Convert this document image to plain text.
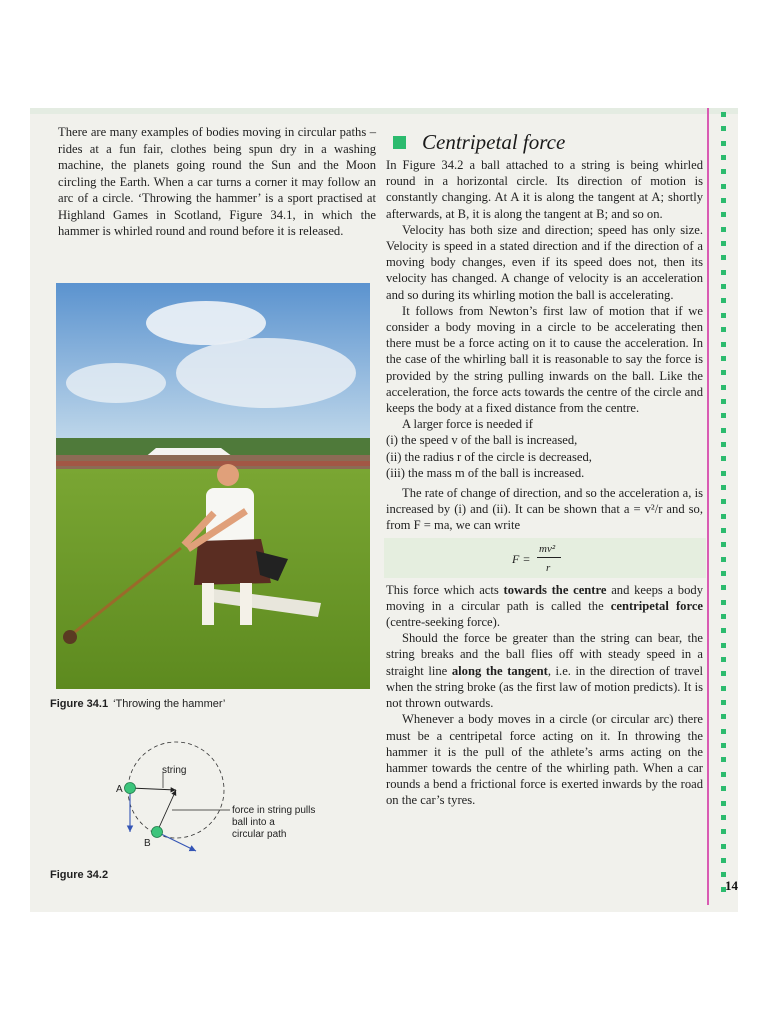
14

There are many examples of bodies moving in circular paths – rides at a fun fair, clothes being spun dry in a washing machine, the planets going round the Sun and the Moon circling the Earth. When a car turns a corner it may follow an arc of a circle. ‘Throwing the hammer’ is a sport practised at Highland Games in Scotland, Figure 34.1, in which the hammer is whirled round and round before it is released.

Figure 34.1 ‘Throwing the hammer’
string
A
B
force in string pulls
ball into a
circular path
Figure 34.2
Centripetal force

In Figure 34.2 a ball attached to a string is being whirled round in a horizontal circle. Its direction of motion is constantly changing. At A it is along the tangent at A; shortly afterwards, at B, it is along the tangent at B; and so on.

Velocity has both size and direction; speed has only size. Velocity is speed in a stated direction and if the direction of a moving body changes, even if its speed does not, then its velocity has changed. A change of velocity is an acceleration and so during its whirling motion the ball is accelerating.

It follows from Newton’s first law of motion that if we consider a body moving in a circle to be accelerating then there must be a force acting on it to cause the acceleration. In the case of the whirling ball it is reasonable to say the force is provided by the string pulling inwards on the ball. Like the acceleration, the force acts towards the centre of the circle and keeps the body at a fixed distance from the centre.

A larger force is needed if

(i) the speed v of the ball is increased,
(ii) the radius r of the circle is decreased,
(iii) the mass m of the ball is increased.

The rate of change of direction, and so the acceleration a, is increased by (i) and (ii). It can be shown that a = v²/r and so, from F = ma, we can write

F =
mv²
r

This force which acts towards the centre and keeps a body moving in a circular path is called the centripetal force (centre-seeking force).

Should the force be greater than the string can bear, the string breaks and the ball flies off with steady speed in a straight line along the tangent, i.e. in the direction of travel when the string broke (as the first law of motion predicts). It is not thrown outwards.

Whenever a body moves in a circle (or circular arc) there must be a centripetal force acting on it. In throwing the hammer it is the pull of the athlete’s arms acting on the hammer towards the centre of the whirling path. When a car rounds a bend a frictional force is exerted inwards by the road on the car’s tyres.
